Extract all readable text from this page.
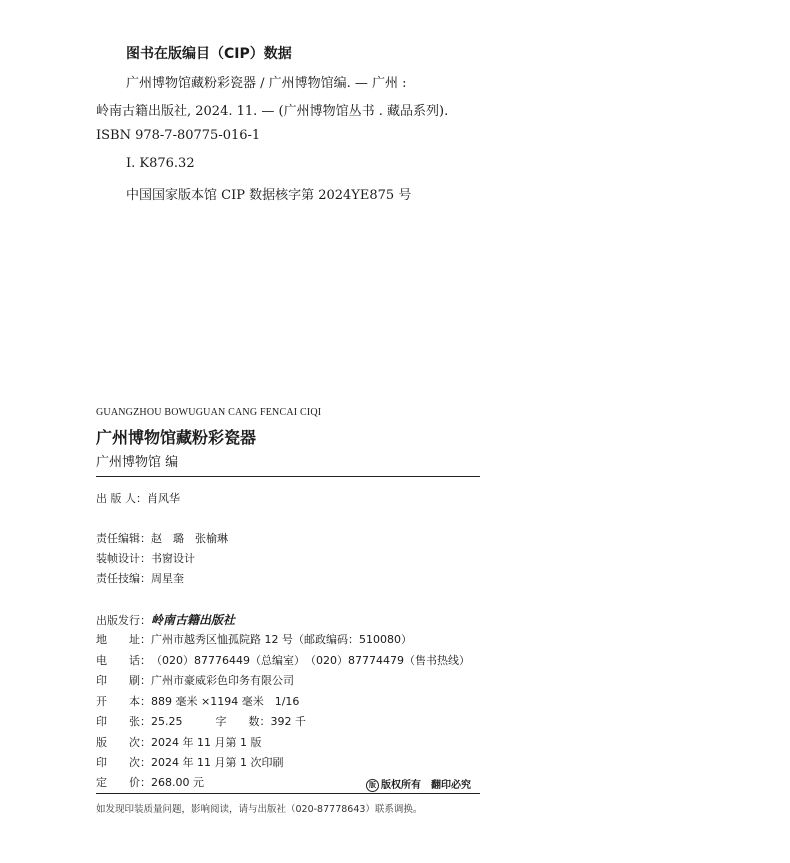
图书在版编目（CIP）数据
广州博物馆藏粉彩瓷器 / 广州博物馆编. — 广州 :
岭南古籍出版社, 2024. 11. — (广州博物馆丛书 . 藏品系列).
ISBN 978-7-80775-016-1
Ⅰ. K876.32
中国国家版本馆 CIP 数据核字第 2024YE875 号
GUANGZHOU BOWUGUAN CANG FENCAI CIQI
广州博物馆藏粉彩瓷器
广州博物馆 编
出 版 人：肖风华
责任编辑：赵　璐　张榆琳
装帧设计：书窗设计
责任技编：周星奎
出版发行：岭南古籍出版社
地　　址：广州市越秀区恤孤院路 12 号（邮政编码：510080）
电　　话：（020）87776449（总编室）　（020）87774479（售书热线）
印　　刷：广州市豪威彩色印务有限公司
开　　本：889 毫米 ×1194 毫米　1/16
印　　张：25.25　　　字　　数：392 千
版　　次：2024 年 11 月第 1 版
印　　次：2024 年 11 月第 1 次印刷
定　　价：268.00 元	版 版权所有　翻印必究
如发现印装质量问题，影响阅读，请与出版社（020-87778643）联系调换。
